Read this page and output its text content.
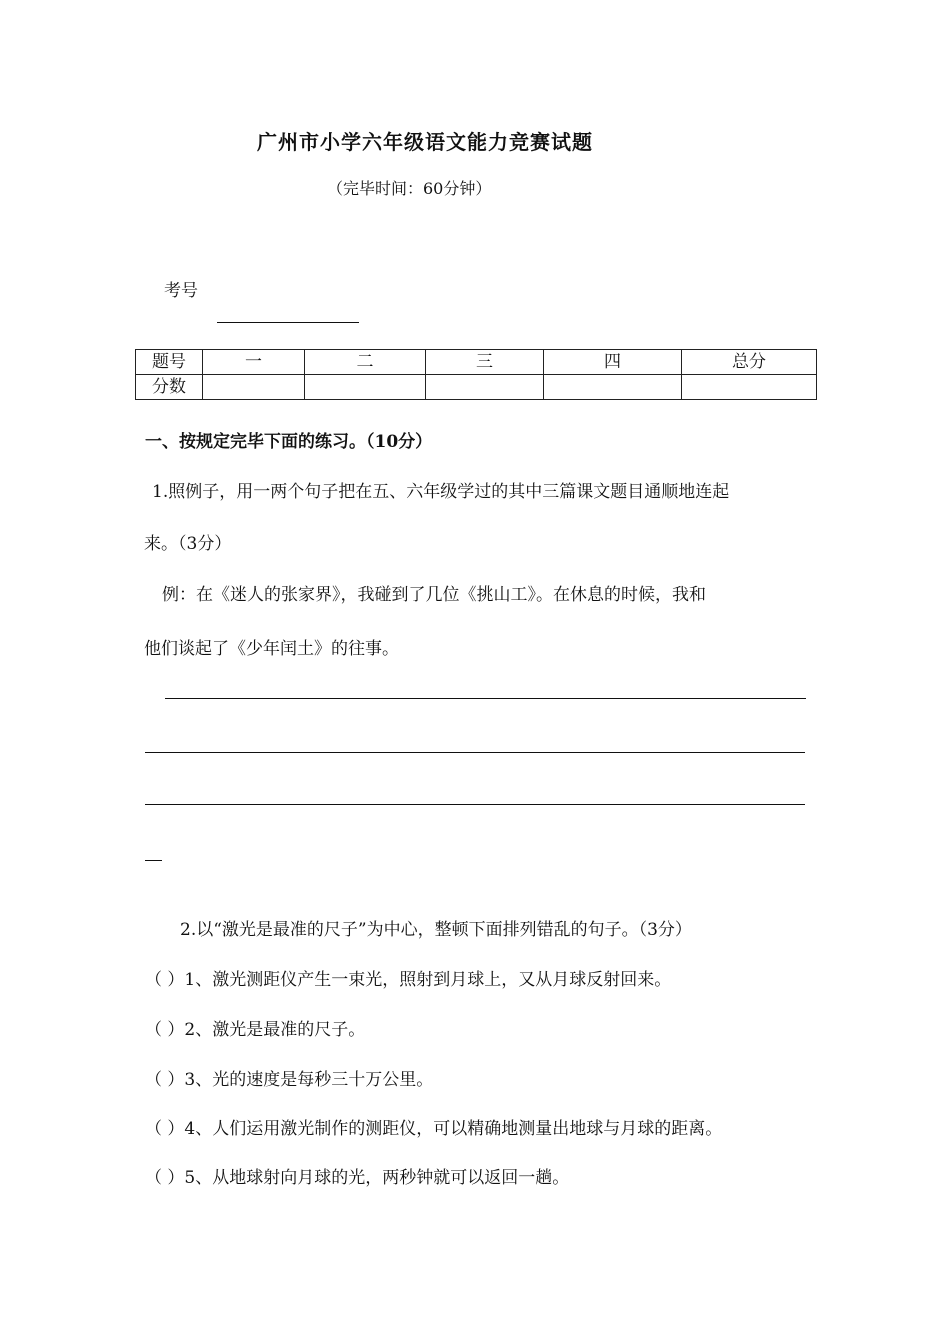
广州市小学六年级语文能力竞赛试题
（完毕时间：60分钟）
考号
题号	一	二	三	四	总分
分数					
一、按规定完毕下面的练习。（10分）
1.照例子，用一两个句子把在五、六年级学过的其中三篇课文题目通顺地连起
来。（3分）
例：在《迷人的张家界》，我碰到了几位《挑山工》。在休息的时候，我和
他们谈起了《少年闰土》的往事。
2.以“激光是最准的尺子”为中心，整顿下面排列错乱的句子。（3分）
（ ）1、激光测距仪产生一束光，照射到月球上，又从月球反射回来。
（ ）2、激光是最准的尺子。
（ ）3、光的速度是每秒三十万公里。
（ ）4、人们运用激光制作的测距仪，可以精确地测量出地球与月球的距离。
（ ）5、从地球射向月球的光，两秒钟就可以返回一趟。
